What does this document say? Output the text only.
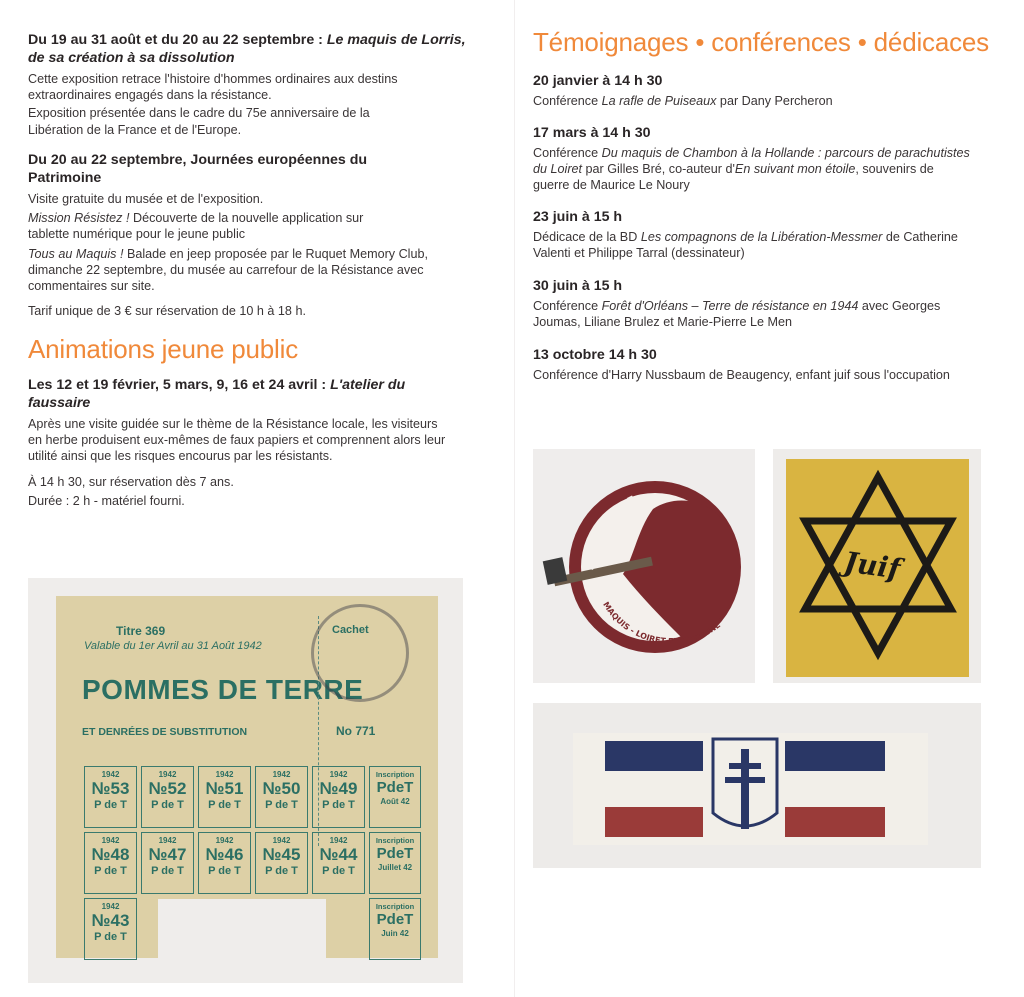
Du 19 au 31 août et du 20 au 22 septembre : Le maquis de Lorris, de sa création à sa dissolution

Cette exposition retrace l'histoire d'hommes ordinaires aux destins extraordinaires engagés dans la résistance.

Exposition présentée dans le cadre du 75e anniversaire de la Libération de la France et de l'Europe.

Du 20 au 22 septembre, Journées européennes du Patrimoine

Visite gratuite du musée et de l'exposition.

Mission Résistez ! Découverte de la nouvelle application sur tablette numérique pour le jeune public

Tous au Maquis ! Balade en jeep proposée par le Ruquet Memory Club, dimanche 22 septembre, du musée au carrefour de la Résistance avec commentaires sur site.

Tarif unique de 3 € sur réservation de 10 h à 18 h.

Animations jeune public

Les 12 et 19 février, 5 mars, 9, 16 et 24 avril : L'atelier du faussaire

Après une visite guidée sur le thème de la Résistance locale, les visiteurs en herbe produisent eux-mêmes de faux papiers et comprennent alors leur utilité ainsi que les risques encourus par les résistants.

À 14 h 30, sur réservation dès 7 ans.

Durée : 2 h - matériel fourni.

Témoignages • conférences • dédicaces

20 janvier à 14 h 30

Conférence La rafle de Puiseaux par Dany Percheron

17 mars à 14 h 30

Conférence Du maquis de Chambon à la Hollande : parcours de parachutistes du Loiret par Gilles Bré, co-auteur d'En suivant mon étoile, souvenirs de guerre de Maurice Le Noury

23 juin à 15 h

Dédicace de la BD Les compagnons de la Libération-Messmer de Catherine Valenti et Philippe Tarral (dessinateur)

30 juin à 15 h

Conférence Forêt d'Orléans – Terre de résistance en 1944 avec Georges Joumas, Liliane Brulez et Marie-Pierre Le Men

13 octobre 14 h 30

Conférence d'Harry Nussbaum de Beaugency, enfant juif sous l'occupation

Titre 369
Valable du 1er Avril au 31 Août 1942
POMMES DE TERRE
ET DENRÉES DE SUBSTITUTION
Cachet
No 771
1942
№53
P de T
1942
№52
P de T
1942
№51
P de T
1942
№50
P de T
1942
№49
P de T
Inscription
PdeT
Août 42
1942
№48
P de T
1942
№47
P de T
1942
№46
P de T
1942
№45
P de T
1942
№44
P de T
Inscription
PdeT
Juillet 42
1942
№43
P de T
Inscription
PdeT
Juin 42
JE BAROUDE
MAQUIS - LOIRET ET SOLOGNE
Juif
